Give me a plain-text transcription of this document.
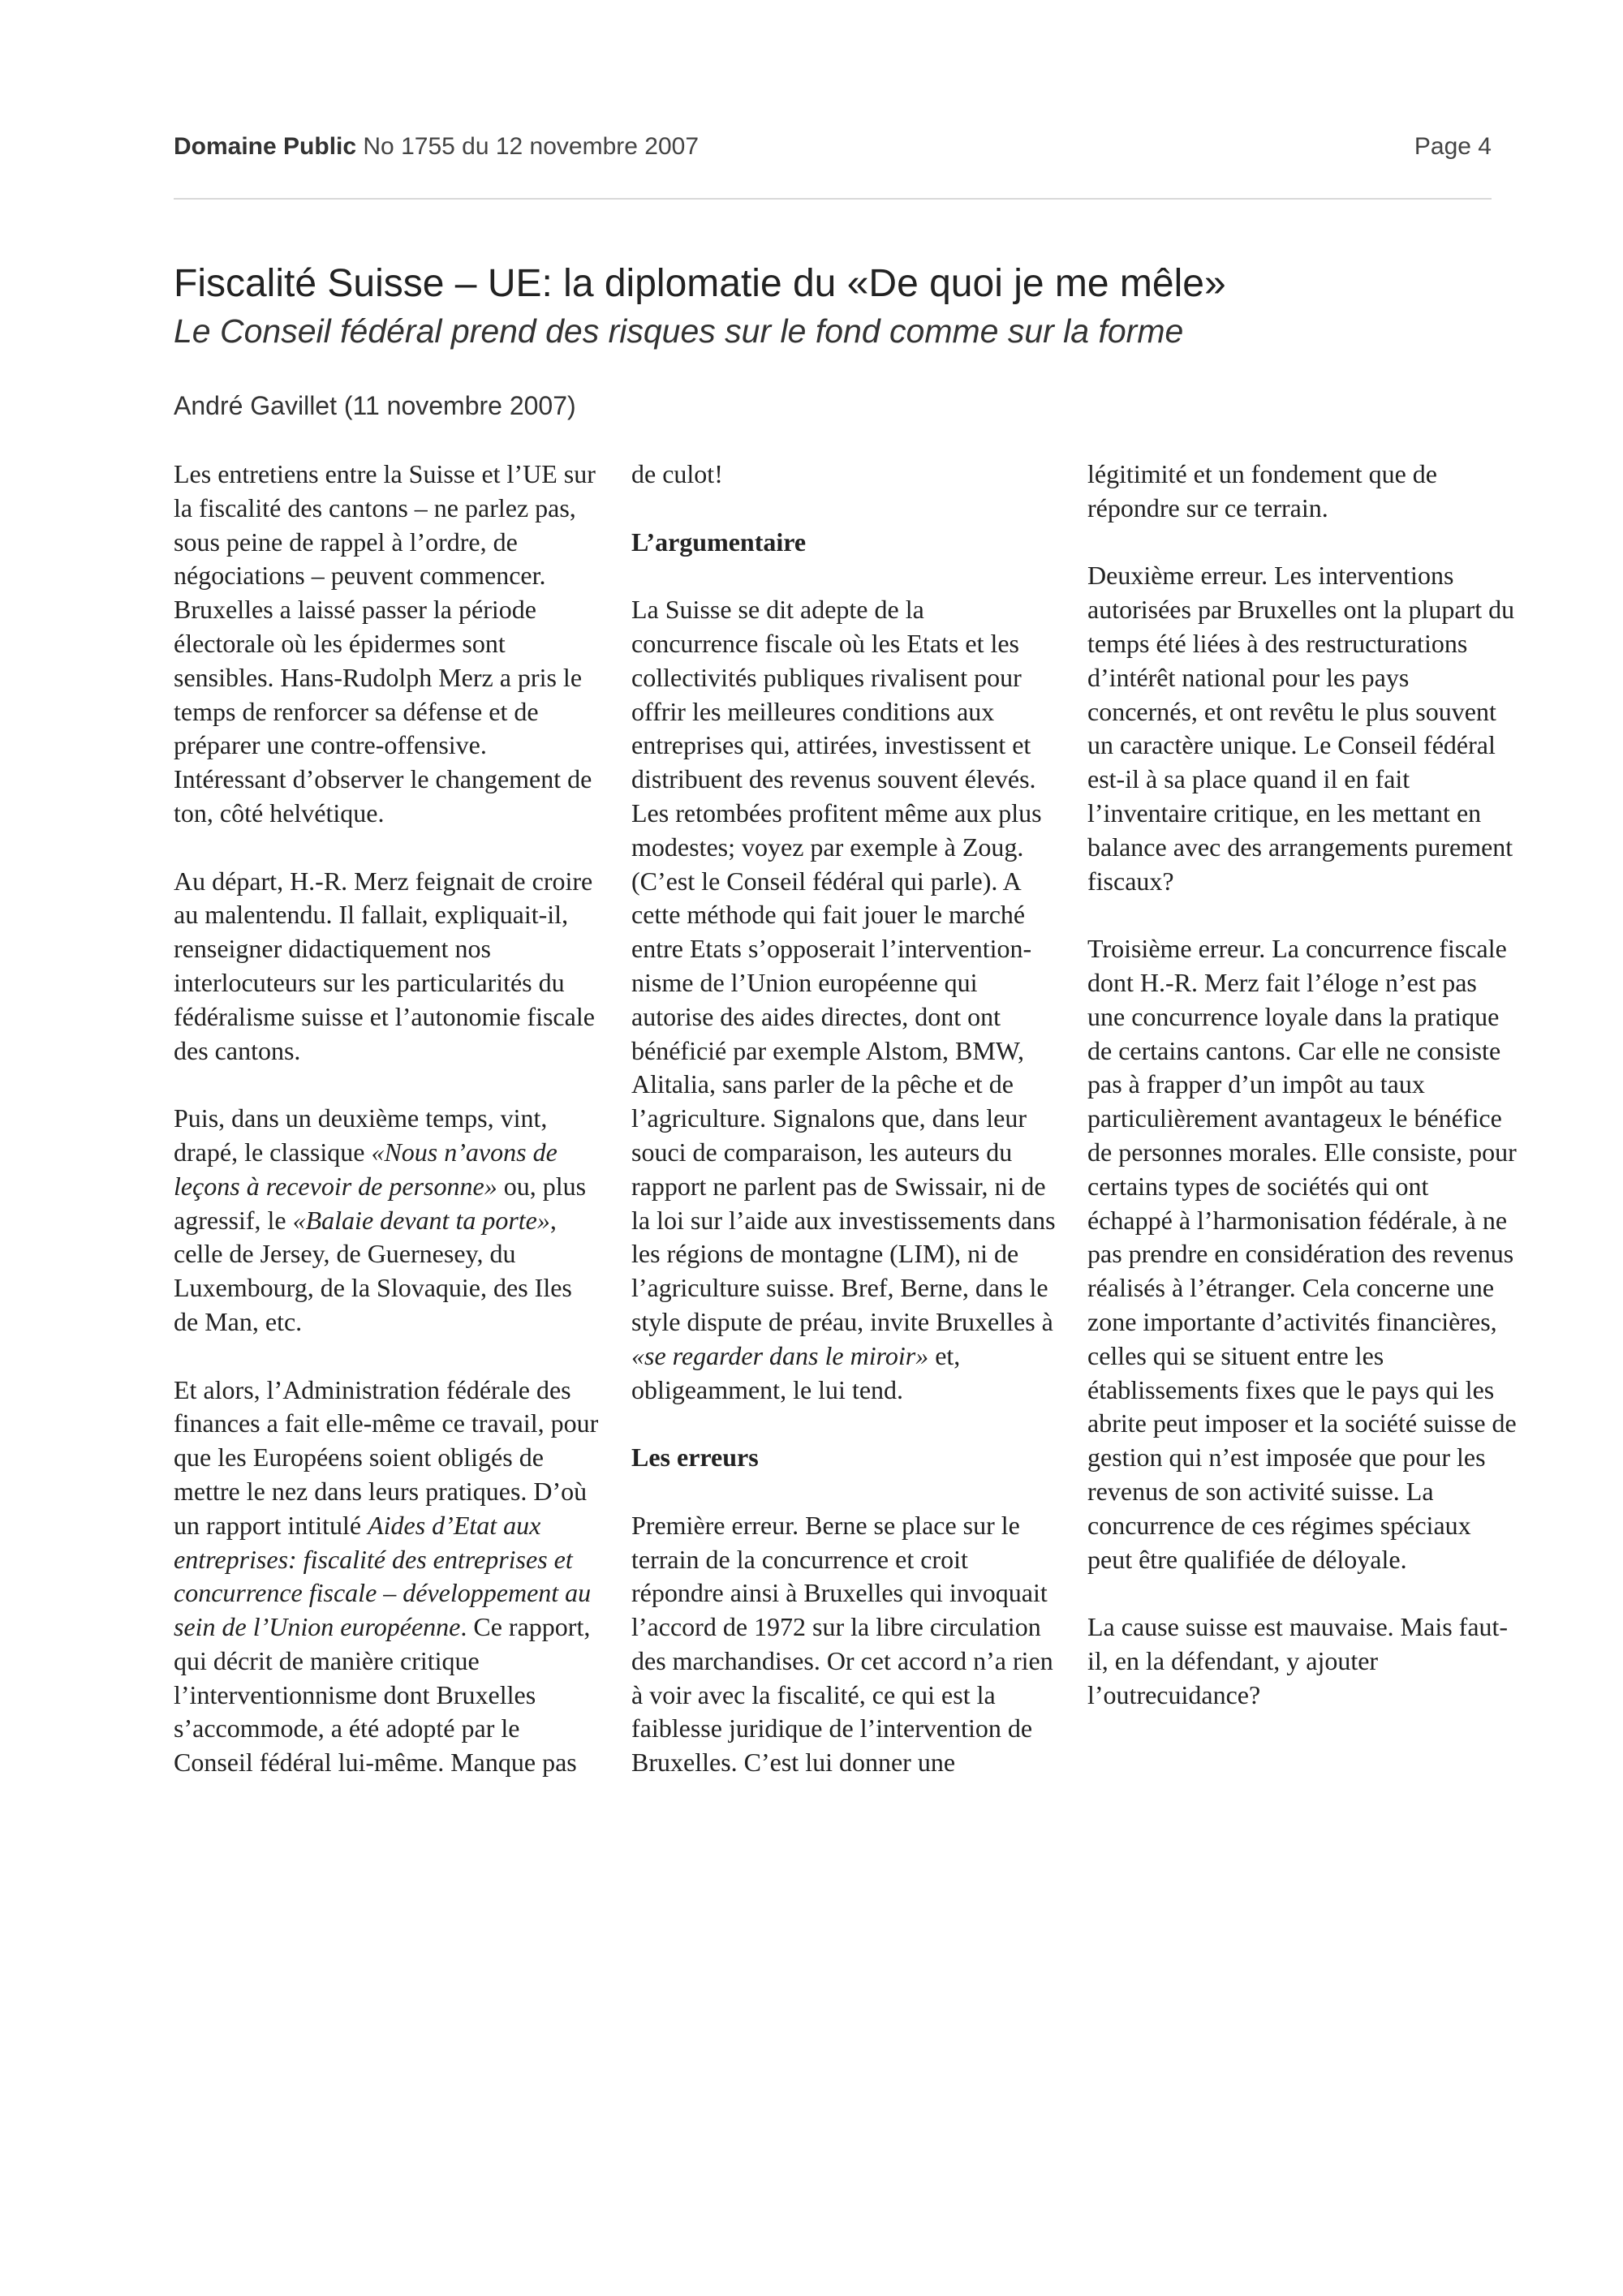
Domaine Public No 1755 du 12 novembre 2007	Page 4
Fiscalité Suisse – UE: la diplomatie du «De quoi je me mêle»
Le Conseil fédéral prend des risques sur le fond comme sur la forme
André Gavillet (11 novembre 2007)

Les entretiens entre la Suisse et l’UE sur la fiscalité des cantons – ne parlez pas, sous peine de rappel à l’ordre, de négociations – peuvent commencer. Bruxelles a laissé passer la période électorale où les épidermes sont sensibles. Hans-Rudolph Merz a pris le temps de renforcer sa défense et de préparer une contre-offensive. Intéressant d’observer le changement de ton, côté helvétique.

Au départ, H.-R. Merz feignait de croire au malentendu. Il fallait, expliquait-il, renseigner didactiquement nos interlocuteurs sur les particularités du fédéralisme suisse et l’autonomie fiscale des cantons.

Puis, dans un deuxième temps, vint, drapé, le classique «Nous n’avons de leçons à recevoir de personne» ou, plus agressif, le «Balaie devant ta porte», celle de Jersey, de Guernesey, du Luxembourg, de la Slovaquie, des Iles de Man, etc.

Et alors, l’Administration fédérale des finances a fait elle-même ce travail, pour que les Européens soient obligés de mettre le nez dans leurs pratiques. D’où un rapport intitulé Aides d’Etat aux entreprises: fiscalité des entreprises et concurrence fiscale – développement au sein de l’Union européenne. Ce rapport, qui décrit de manière critique l’interventionnisme dont Bruxelles s’accommode, a été adopté par le Conseil fédéral lui-même. Manque pas

de culot!

L’argumentaire

La Suisse se dit adepte de la concurrence fiscale où les Etats et les collectivités publiques rivalisent pour offrir les meilleures conditions aux entreprises qui, attirées, investissent et distribuent des revenus souvent élevés. Les retombées profitent même aux plus modestes; voyez par exemple à Zoug. (C’est le Conseil fédéral qui parle). A cette méthode qui fait jouer le marché entre Etats s’opposerait l’intervention-nisme de l’Union européenne qui autorise des aides directes, dont ont bénéficié par exemple Alstom, BMW, Alitalia, sans parler de la pêche et de l’agriculture. Signalons que, dans leur souci de comparaison, les auteurs du rapport ne parlent pas de Swissair, ni de la loi sur l’aide aux investissements dans les régions de montagne (LIM), ni de l’agriculture suisse. Bref, Berne, dans le style dispute de préau, invite Bruxelles à «se regarder dans le miroir» et, obligeamment, le lui tend.

Les erreurs

Première erreur. Berne se place sur le terrain de la concurrence et croit répondre ainsi à Bruxelles qui invoquait l’accord de 1972 sur la libre circulation des marchandises. Or cet accord n’a rien à voir avec la fiscalité, ce qui est la faiblesse juridique de l’intervention de Bruxelles. C’est lui donner une

légitimité et un fondement que de répondre sur ce terrain.

Deuxième erreur. Les interventions autorisées par Bruxelles ont la plupart du temps été liées à des restructurations d’intérêt national pour les pays concernés, et ont revêtu le plus souvent un caractère unique. Le Conseil fédéral est-il à sa place quand il en fait l’inventaire critique, en les mettant en balance avec des arrangements purement fiscaux?

Troisième erreur. La concurrence fiscale dont H.-R. Merz fait l’éloge n’est pas une concurrence loyale dans la pratique de certains cantons. Car elle ne consiste pas à frapper d’un impôt au taux particulièrement avantageux le bénéfice de personnes morales. Elle consiste, pour certains types de sociétés qui ont échappé à l’harmonisation fédérale, à ne pas prendre en considération des revenus réalisés à l’étranger. Cela concerne une zone importante d’activités financières, celles qui se situent entre les établissements fixes que le pays qui les abrite peut imposer et la société suisse de gestion qui n’est imposée que pour les revenus de son activité suisse. La concurrence de ces régimes spéciaux peut être qualifiée de déloyale.

La cause suisse est mauvaise. Mais faut-il, en la défendant, y ajouter l’outrecuidance?
